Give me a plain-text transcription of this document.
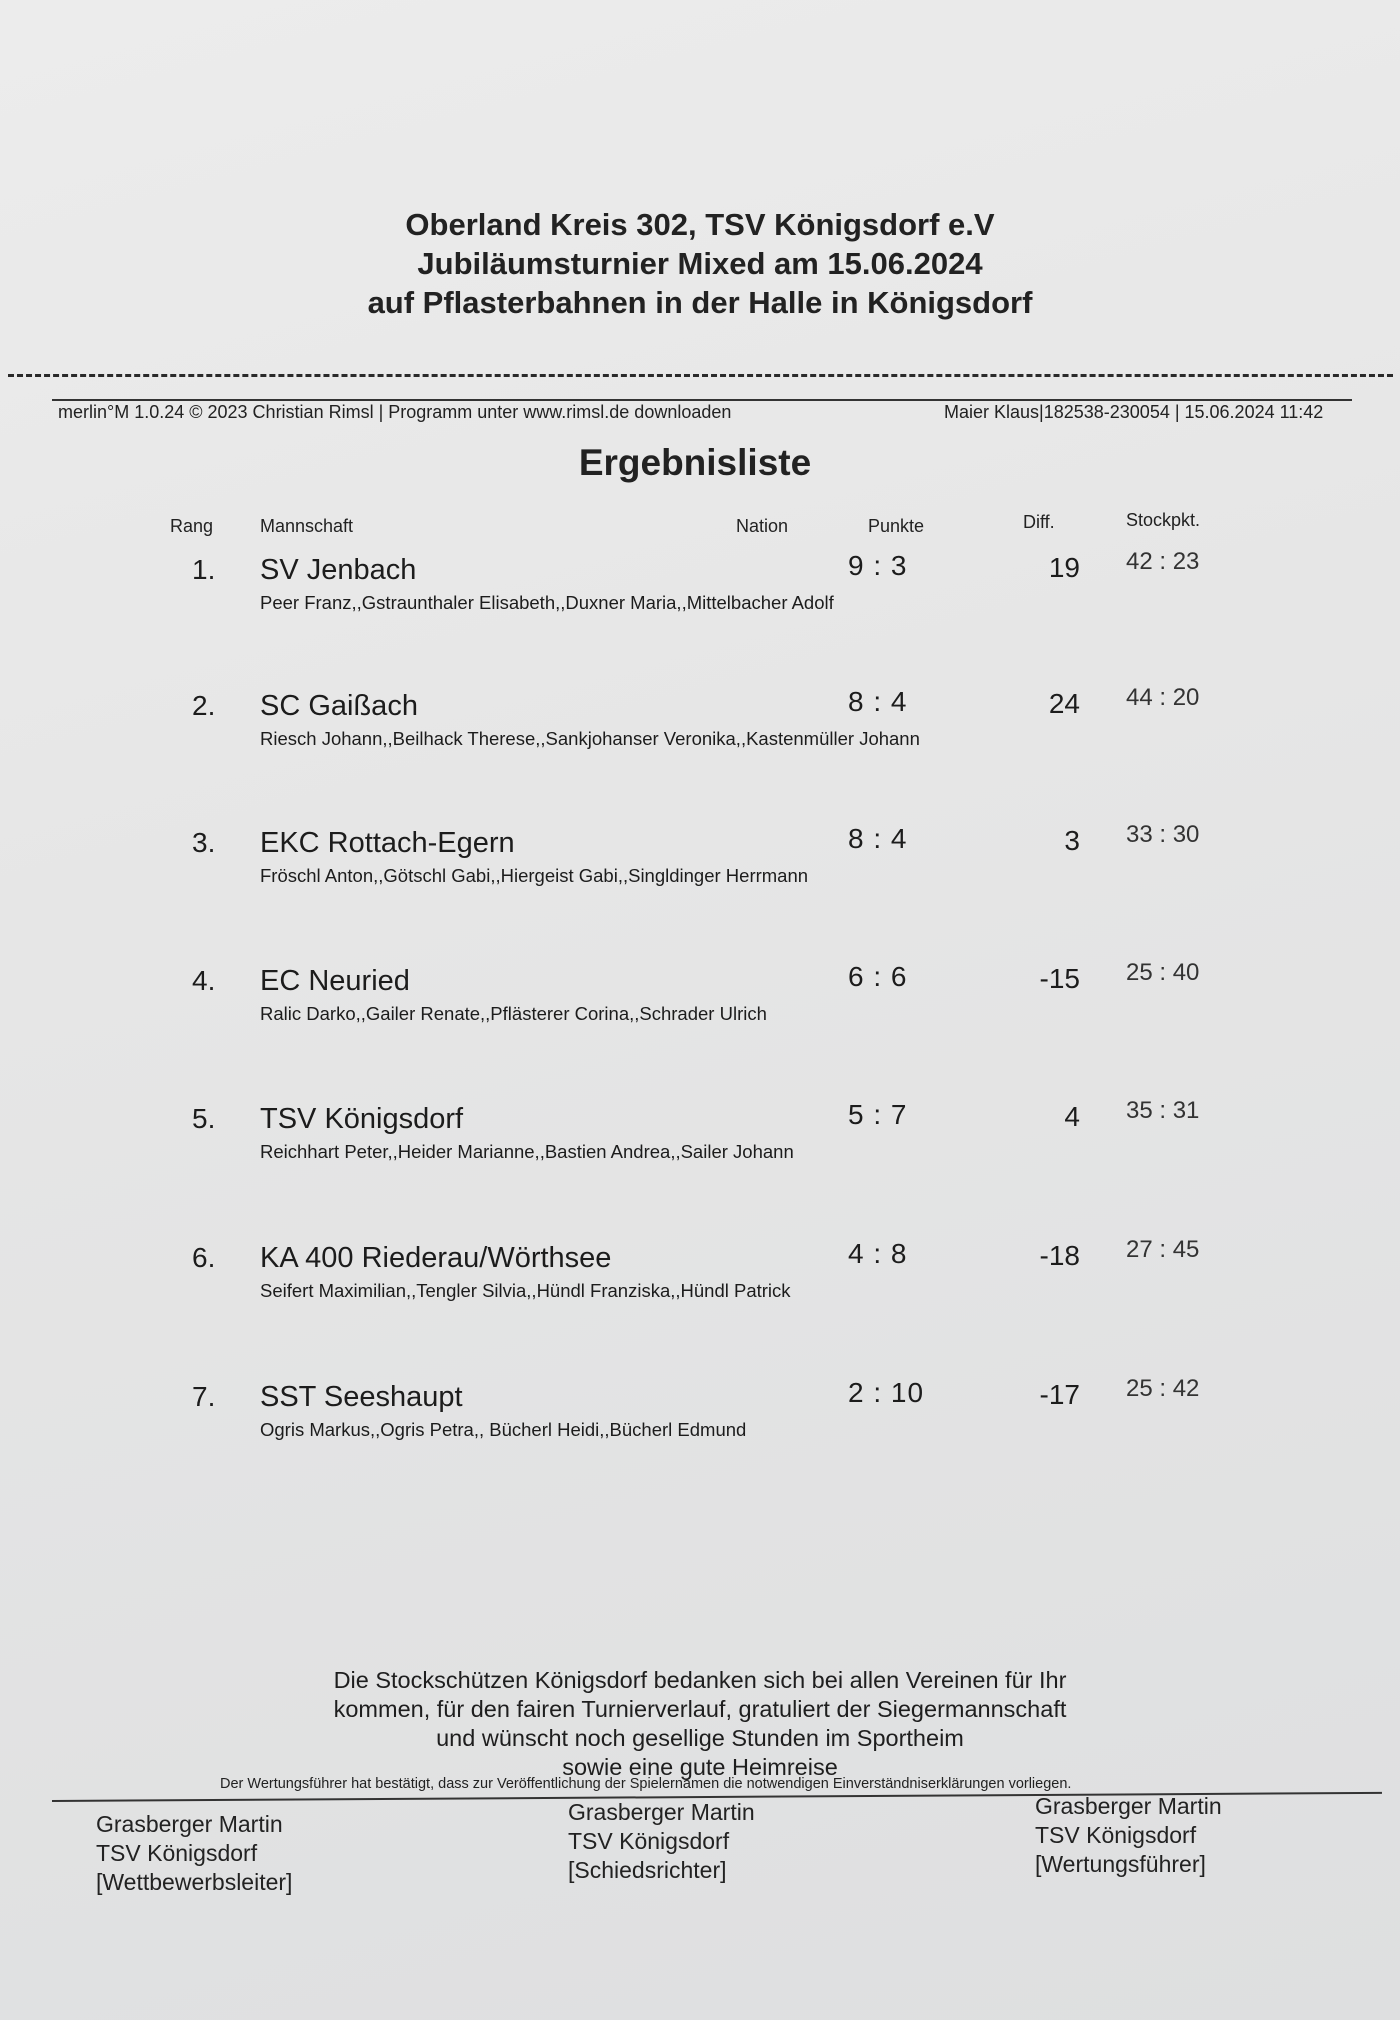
Oberland Kreis 302, TSV Königsdorf e.V
Jubiläumsturnier Mixed am 15.06.2024
auf Pflasterbahnen in der Halle in Königsdorf
merlin°M 1.0.24 © 2023 Christian Rimsl | Programm unter www.rimsl.de downloaden	Maier Klaus|182538-230054 | 15.06.2024 11:42
Ergebnisliste
Rang	Mannschaft	Nation	Punkte	Diff.	Stockpkt.
1. SV Jenbach
Peer Franz,,Gstraunthaler Elisabeth,,Duxner Maria,,Mittelbacher Adolf
9 : 3	19 42 : 23
2. SC Gaißach
Riesch Johann,,Beilhack Therese,,Sankjohanser Veronika,,Kastenmüller Johann
8 : 4	24 44 : 20
3. EKC Rottach-Egern
Fröschl Anton,,Götschl Gabi,,Hiergeist Gabi,,Singldinger Herrmann
8 : 4	3 33 : 30
4. EC Neuried
Ralic Darko,,Gailer Renate,,Pflästerer Corina,,Schrader Ulrich
6 : 6	-15 25 : 40
5. TSV Königsdorf
Reichhart Peter,,Heider Marianne,,Bastien Andrea,,Sailer Johann
5 : 7	4 35 : 31
6. KA 400 Riederau/Wörthsee
Seifert Maximilian,,Tengler Silvia,,Hündl Franziska,,Hündl Patrick
4 : 8	-18 27 : 45
7. SST Seeshaupt
Ogris Markus,,Ogris Petra,, Bücherl Heidi,,Bücherl Edmund
2 : 10	-17 25 : 42
Die Stockschützen Königsdorf bedanken sich bei allen Vereinen für Ihr
kommen, für den fairen Turnierverlauf, gratuliert der Siegermannschaft
und wünscht noch gesellige Stunden im Sportheim
sowie eine gute Heimreise
Der Wertungsführer hat bestätigt, dass zur Veröffentlichung der Spielernamen die notwendigen Einverständniserklärungen vorliegen.
Grasberger Martin
TSV Königsdorf
[Wettbewerbsleiter]
Grasberger Martin
TSV Königsdorf
[Schiedsrichter]
Grasberger Martin
TSV Königsdorf
[Wertungsführer]
